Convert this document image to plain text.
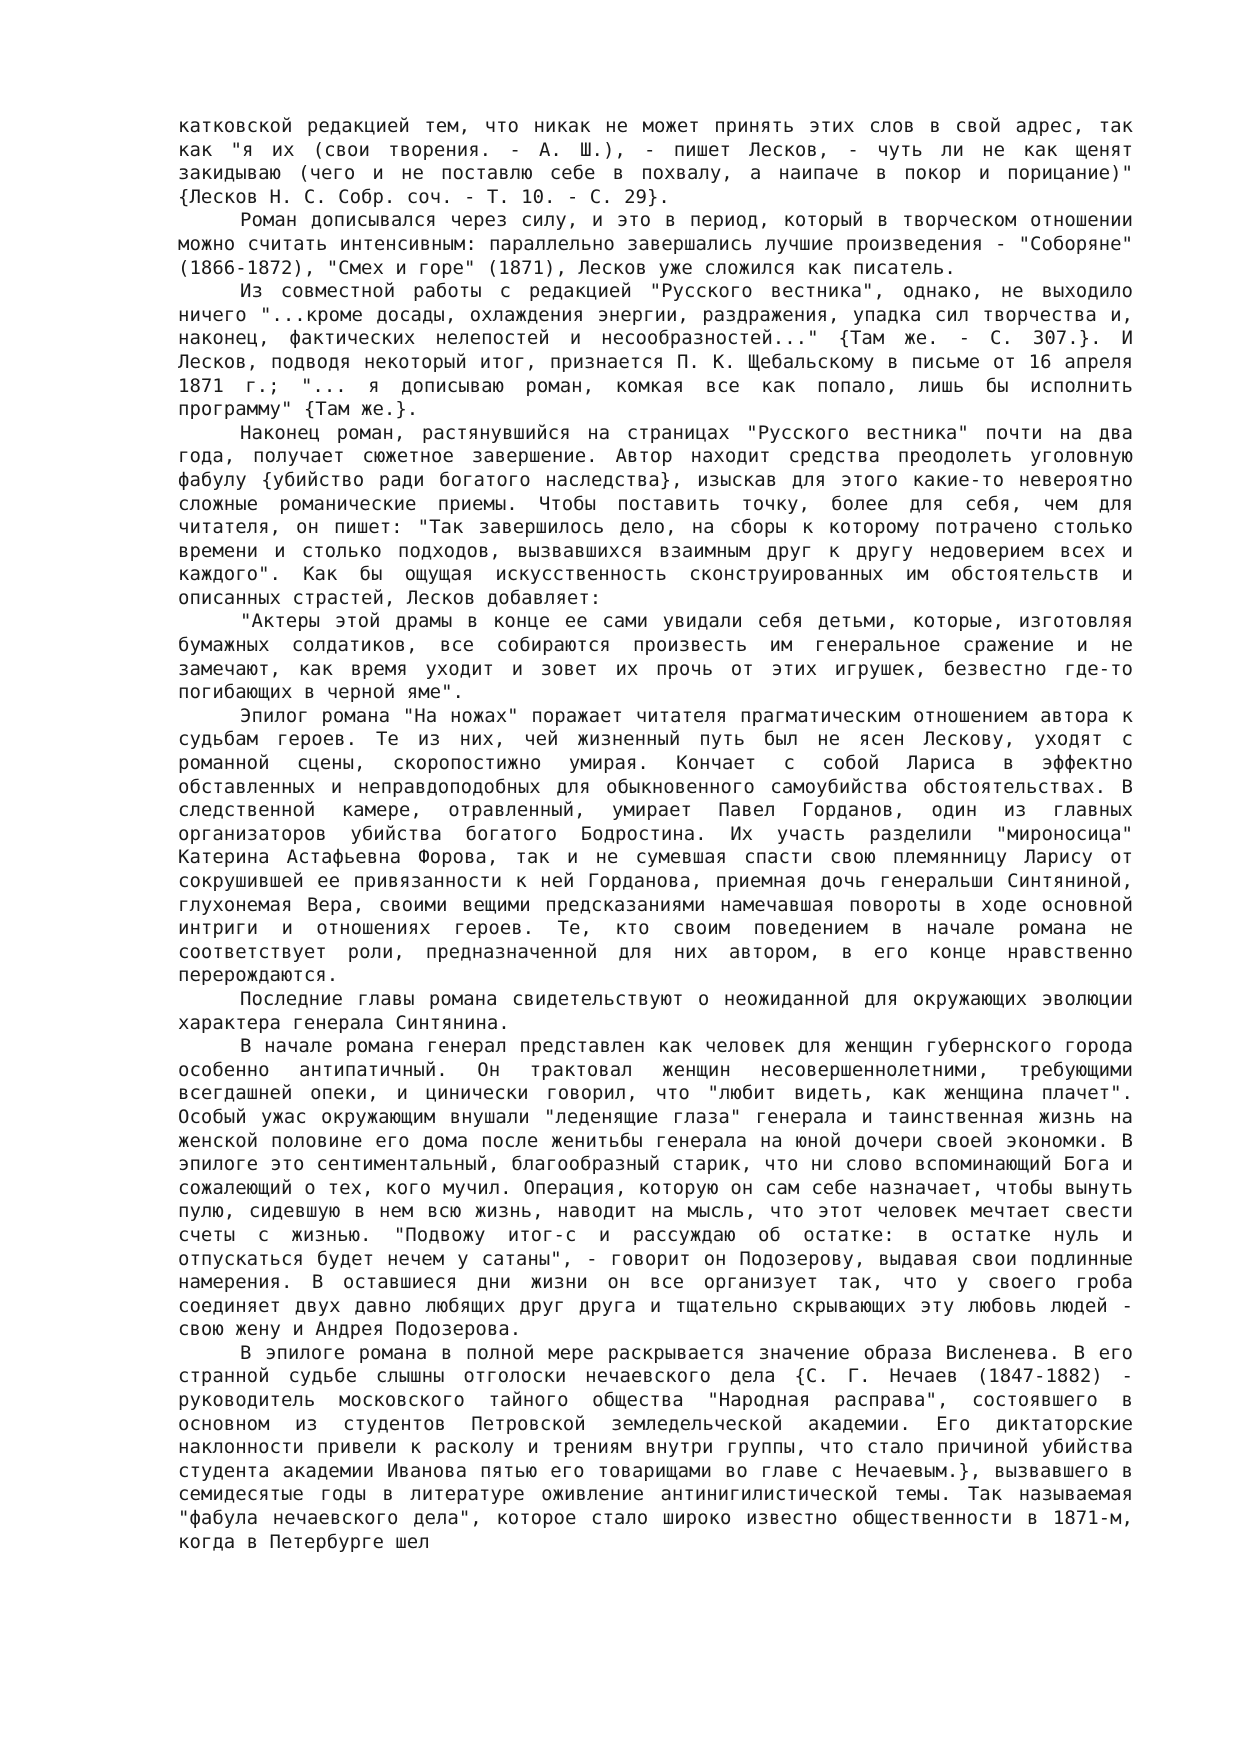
катковской редакцией тем, что никак не может принять этих слов в свой адрес, так как "я их (свои творения. - А. Ш.), - пишет Лесков, - чуть ли не как щенят закидываю (чего и не поставлю себе в похвалу, а наипаче в покор и порицание)" {Лесков Н. С. Собр. соч. - Т. 10. - С. 29}.

Роман дописывался через силу, и это в период, который в творческом отношении можно считать интенсивным: параллельно завершались лучшие произведения - "Соборяне" (1866-1872), "Смех и горе" (1871), Лесков уже сложился как писатель.

Из совместной работы с редакцией "Русского вестника", однако, не выходило ничего "...кроме досады, охлаждения энергии, раздражения, упадка сил творчества и, наконец, фактических нелепостей и несообразностей..." {Там же. - С. 307.}. И Лесков, подводя некоторый итог, признается П. К. Щебальскому в письме от 16 апреля 1871 г.; "... я дописываю роман, комкая все как попало, лишь бы исполнить программу" {Там же.}.

Наконец роман, растянувшийся на страницах "Русского вестника" почти на два года, получает сюжетное завершение. Автор находит средства преодолеть уголовную фабулу {убийство ради богатого наследства}, изыскав для этого какие-то невероятно сложные романические приемы. Чтобы поставить точку, более для себя, чем для читателя, он пишет: "Так завершилось дело, на сборы к которому потрачено столько времени и столько подходов, вызвавшихся взаимным друг к другу недоверием всех и каждого". Как бы ощущая искусственность сконструированных им обстоятельств и описанных страстей, Лесков добавляет:

"Актеры этой драмы в конце ее сами увидали себя детьми, которые, изготовляя бумажных солдатиков, все собираются произвесть им генеральное сражение и не замечают, как время уходит и зовет их прочь от этих игрушек, безвестно где-то погибающих в черной яме".

Эпилог романа "На ножах" поражает читателя прагматическим отношением автора к судьбам героев. Те из них, чей жизненный путь был не ясен Лескову, уходят с романной сцены, скоропостижно умирая. Кончает с собой Лариса в эффектно обставленных и неправдоподобных для обыкновенного самоубийства обстоятельствах. В следственной камере, отравленный, умирает Павел Горданов, один из главных организаторов убийства богатого Бодростина. Их участь разделили "мироносица" Катерина Астафьевна Форова, так и не сумевшая спасти свою племянницу Ларису от сокрушившей ее привязанности к ней Горданова, приемная дочь генеральши Синтяниной, глухонемая Вера, своими вещими предсказаниями намечавшая повороты в ходе основной интриги и отношениях героев. Те, кто своим поведением в начале романа не соответствует роли, предназначенной для них автором, в его конце нравственно перерождаются.

Последние главы романа свидетельствуют о неожиданной для окружающих эволюции характера генерала Синтянина.

В начале романа генерал представлен как человек для женщин губернского города особенно антипатичный. Он трактовал женщин несовершеннолетними, требующими всегдашней опеки, и цинически говорил, что "любит видеть, как женщина плачет". Особый ужас окружающим внушали "леденящие глаза" генерала и таинственная жизнь на женской половине его дома после женитьбы генерала на юной дочери своей экономки. В эпилоге это сентиментальный, благообразный старик, что ни слово вспоминающий Бога и сожалеющий о тех, кого мучил. Операция, которую он сам себе назначает, чтобы вынуть пулю, сидевшую в нем всю жизнь, наводит на мысль, что этот человек мечтает свести счеты с жизнью. "Подвожу итог-с и рассуждаю об остатке: в остатке нуль и отпускаться будет нечем у сатаны", - говорит он Подозерову, выдавая свои подлинные намерения. В оставшиеся дни жизни он все организует так, что у своего гроба соединяет двух давно любящих друг друга и тщательно скрывающих эту любовь людей - свою жену и Андрея Подозерова.

В эпилоге романа в полной мере раскрывается значение образа Висленева. В его странной судьбе слышны отголоски нечаевского дела {С. Г. Нечаев (1847-1882) - руководитель московского тайного общества "Народная расправа", состоявшего в основном из студентов Петровской земледельческой академии. Его диктаторские наклонности привели к расколу и трениям внутри группы, что стало причиной убийства студента академии Иванова пятью его товарищами во главе с Нечаевым.}, вызвавшего в семидесятые годы в литературе оживление антинигилистической темы. Так называемая "фабула нечаевского дела", которое стало широко известно общественности в 1871-м, когда в Петербурге шел
